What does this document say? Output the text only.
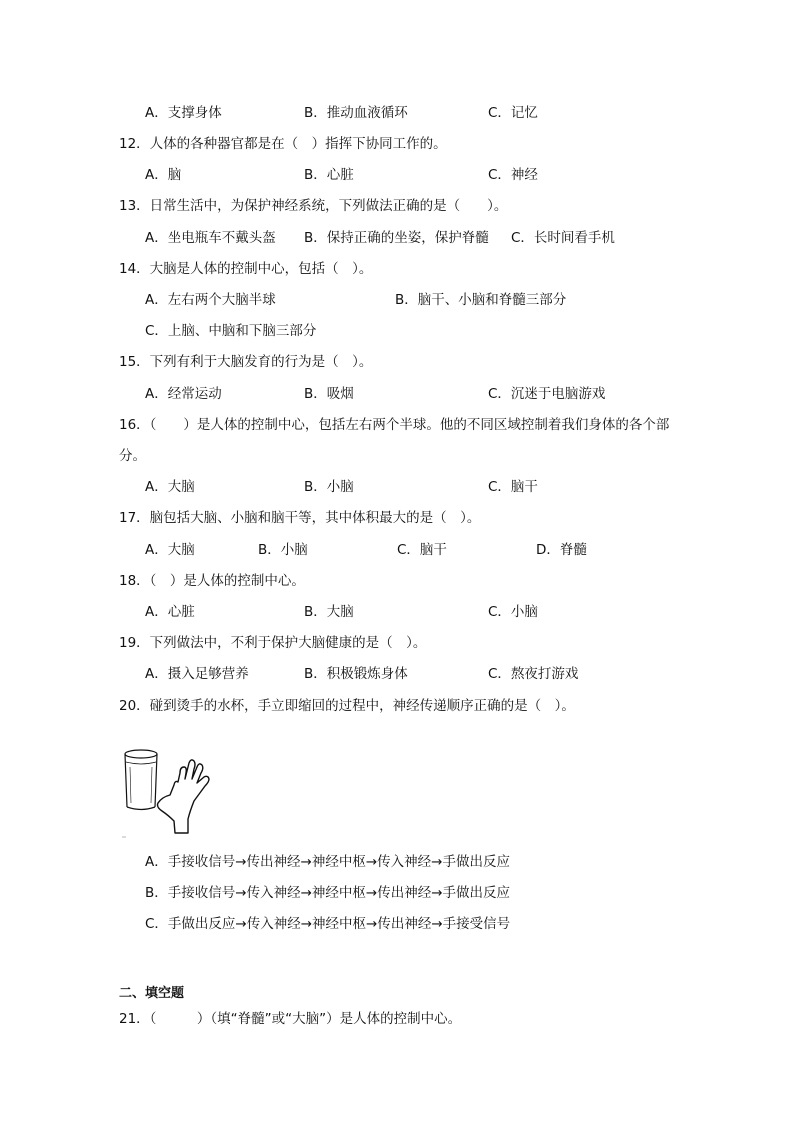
A．支撑身体	B．推动血液循环	C．记忆
12．人体的各种器官都是在（　）指挥下协同工作的。
A．脑	B．心脏	C．神经
13．日常生活中，为保护神经系统，下列做法正确的是（　　）。
A．坐电瓶车不戴头盔 B．保持正确的坐姿，保护脊髓 C．长时间看手机
14．大脑是人体的控制中心，包括（　）。
A．左右两个大脑半球	B．脑干、小脑和脊髓三部分
C．上脑、中脑和下脑三部分
15．下列有利于大脑发育的行为是（　）。
A．经常运动	B．吸烟	C．沉迷于电脑游戏
16．（　　）是人体的控制中心，包括左右两个半球。他的不同区域控制着我们身体的各个部
分。
A．大脑	B．小脑	C．脑干
17．脑包括大脑、小脑和脑干等，其中体积最大的是（　）。
A．大脑	B．小脑	C．脑干	D．脊髓
18．（　）是人体的控制中心。
A．心脏	B．大脑	C．小脑
19．下列做法中，不利于保护大脑健康的是（　）。
A．摄入足够营养	B．积极锻炼身体	C．熬夜打游戏
20．碰到烫手的水杯，手立即缩回的过程中，神经传递顺序正确的是（　）。
A．手接收信号→传出神经→神经中枢→传入神经→手做出反应
B．手接收信号→传入神经→神经中枢→传出神经→手做出反应
C．手做出反应→传入神经→神经中枢→传出神经→手接受信号
二、填空题
21．（　　　）（填“脊髓”或“大脑”）是人体的控制中心。
